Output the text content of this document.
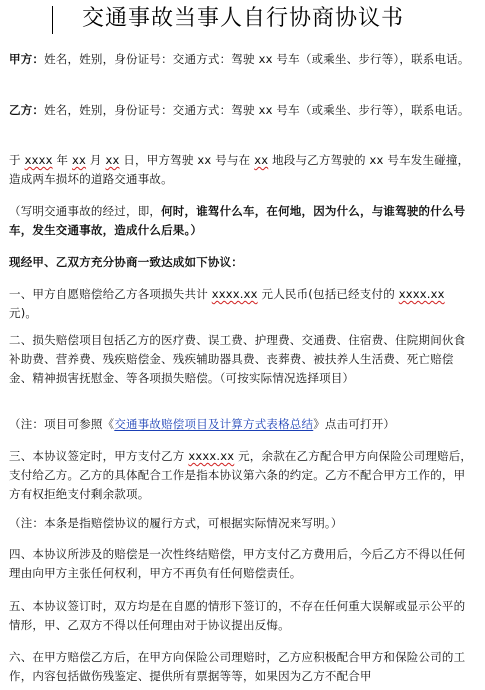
交通事故当事人自行协商协议书
甲方：姓名，姓别，身份证号：交通方式：驾驶 xx 号车（或乘坐、步行等），联系电话。
乙方：姓名，姓别，身份证号：交通方式：驾驶 xx 号车（或乘坐、步行等），联系电话。
于 xxxx 年 xx 月 xx 日，甲方驾驶 xx 号与在 xx 地段与乙方驾驶的 xx 号车发生碰撞，造成两车损坏的道路交通事故。
（写明交通事故的经过，即，何时，谁驾什么车，在何地，因为什么，与谁驾驶的什么号车，发生交通事故，造成什么后果。）
现经甲、乙双方充分协商一致达成如下协议：
一、甲方自愿赔偿给乙方各项损失共计 xxxx.xx 元人民币(包括已经支付的 xxxx.xx 元)。
二、损失赔偿项目包括乙方的医疗费、误工费、护理费、交通费、住宿费、住院期间伙食补助费、营养费、残疾赔偿金、残疾辅助器具费、丧葬费、被扶养人生活费、死亡赔偿金、精神损害抚慰金、等各项损失赔偿。（可按实际情况选择项目）
（注：项目可参照《交通事故赔偿项目及计算方式表格总结》点击可打开）
三、本协议签定时，甲方支付乙方 xxxx.xx 元，余款在乙方配合甲方向保险公司理赔后，支付给乙方。乙方的具体配合工作是指本协议第六条的约定。乙方不配合甲方工作的，甲方有权拒绝支付剩余款项。
（注：本条是指赔偿协议的履行方式，可根据实际情况来写明。）
四、本协议所涉及的赔偿是一次性终结赔偿，甲方支付乙方费用后，今后乙方不得以任何理由向甲方主张任何权利，甲方不再负有任何赔偿责任。
五、本协议签订时，双方均是在自愿的情形下签订的，不存在任何重大误解或显示公平的情形，甲、乙双方不得以任何理由对于协议提出反悔。
六、在甲方赔偿乙方后，在甲方向保险公司理赔时，乙方应积极配合甲方和保险公司的工作，内容包括做伤残鉴定、提供所有票据等等，如果因为乙方不配合甲
